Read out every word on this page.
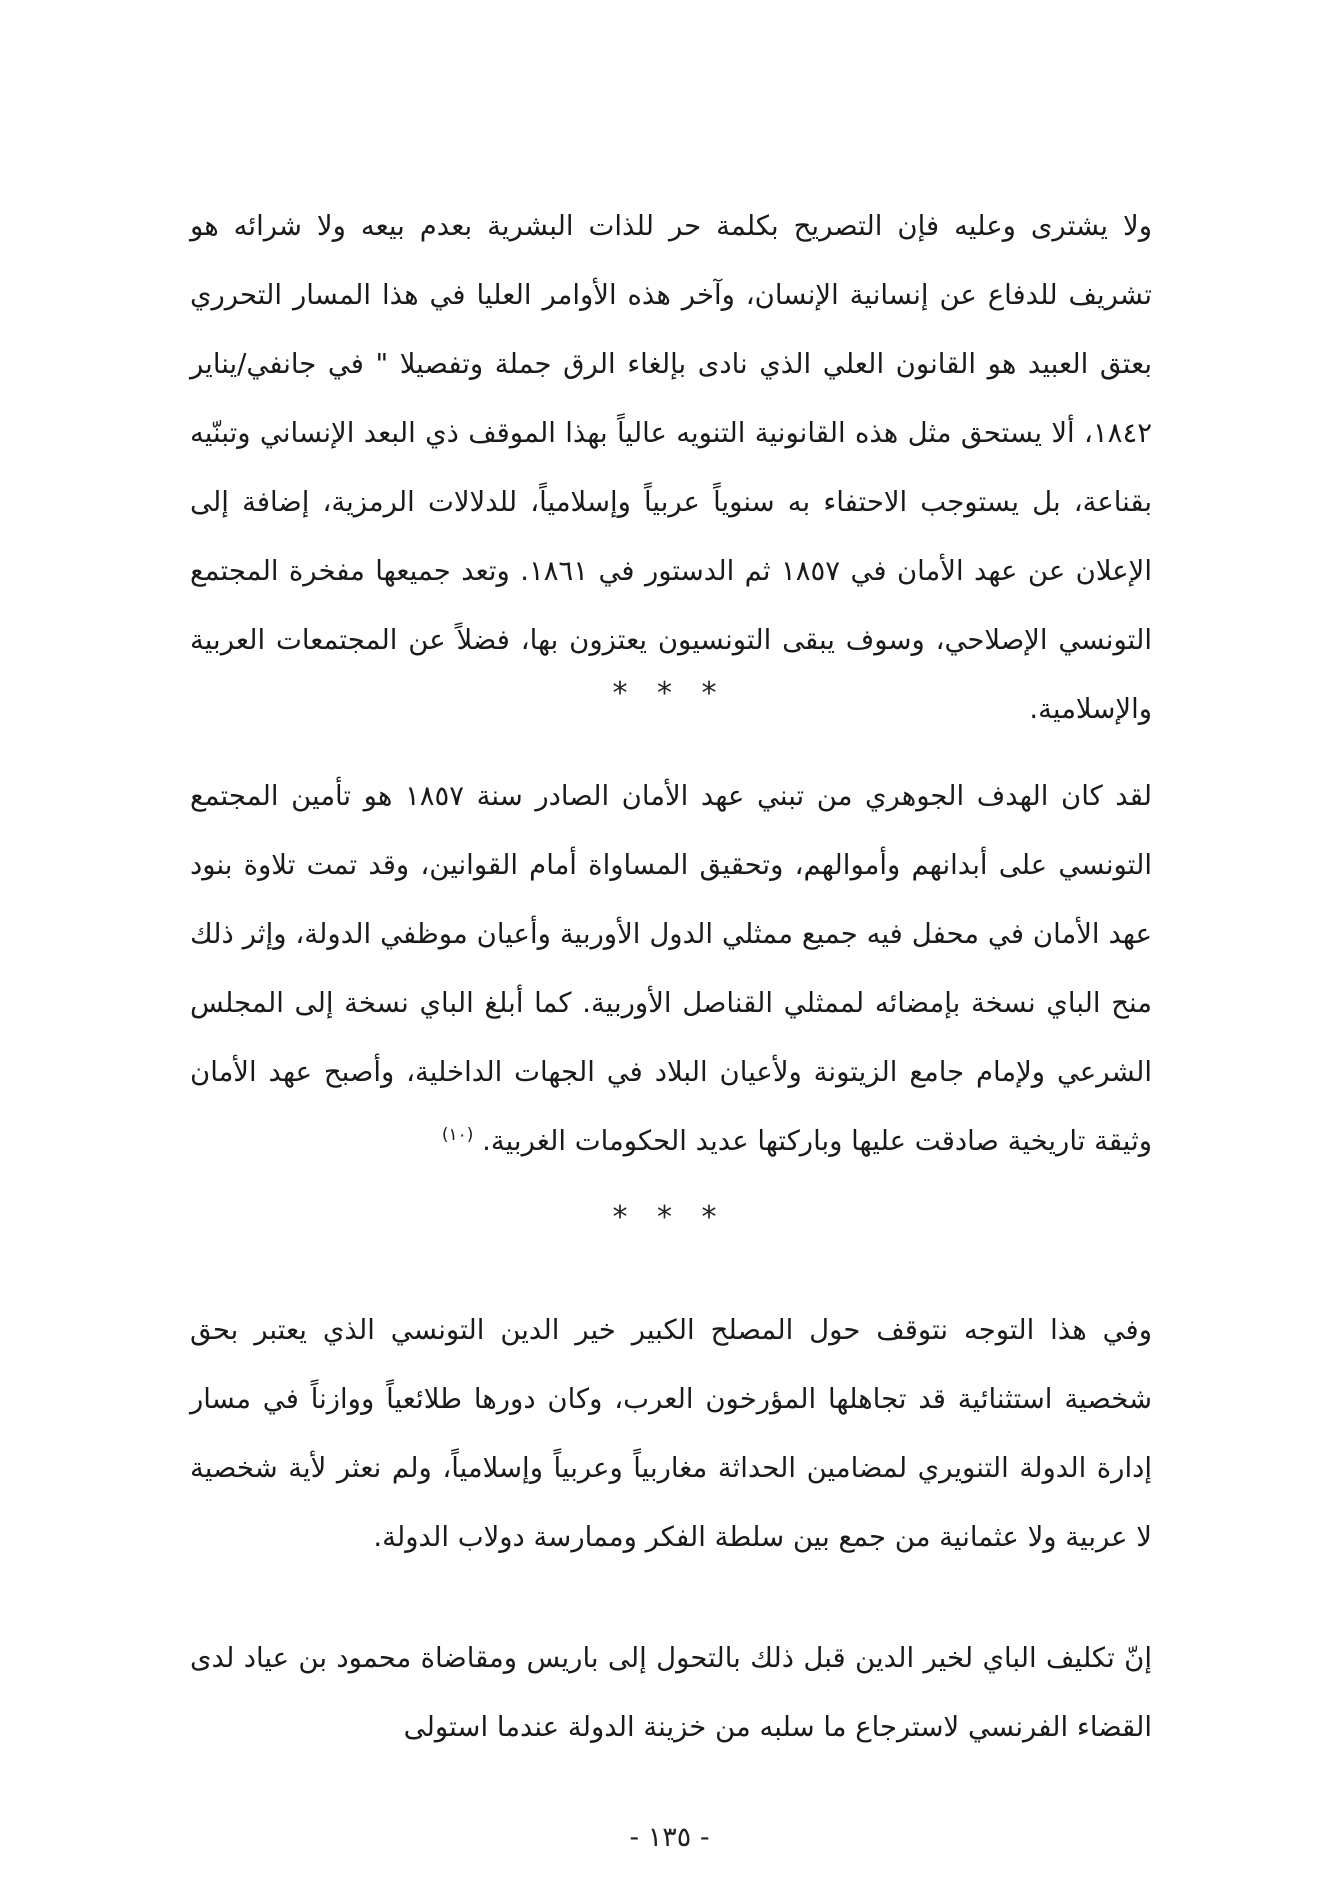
ولا يشترى وعليه فإن التصريح بكلمة حر للذات البشرية بعدم بيعه ولا شرائه هو تشريف للدفاع عن إنسانية الإنسان، وآخر هذه الأوامر العليا في هذا المسار التحرري بعتق العبيد هو القانون العلي الذي نادى بإلغاء الرق جملة وتفصيلا " في جانفي/يناير ١٨٤٢، ألا يستحق مثل هذه القانونية التنويه عالياً بهذا الموقف ذي البعد الإنساني وتبنّيه بقناعة، بل يستوجب الاحتفاء به سنوياً عربياً وإسلامياً، للدلالات الرمزية، إضافة إلى الإعلان عن عهد الأمان في ١٨٥٧ ثم الدستور في ١٨٦١. وتعد جميعها مفخرة المجتمع التونسي الإصلاحي، وسوف يبقى التونسيون يعتزون بها، فضلاً عن المجتمعات العربية والإسلامية.

* * *

لقد كان الهدف الجوهري من تبني عهد الأمان الصادر سنة ١٨٥٧ هو تأمين المجتمع التونسي على أبدانهم وأموالهم، وتحقيق المساواة أمام القوانين، وقد تمت تلاوة بنود عهد الأمان في محفل فيه جميع ممثلي الدول الأوربية وأعيان موظفي الدولة، وإثر ذلك منح الباي نسخة بإمضائه لممثلي القناصل الأوربية. كما أبلغ الباي نسخة إلى المجلس الشرعي ولإمام جامع الزيتونة ولأعيان البلاد في الجهات الداخلية، وأصبح عهد الأمان وثيقة تاريخية صادقت عليها وباركتها عديد الحكومات الغربية. $^{(١٠)}$

* * *

وفي هذا التوجه نتوقف حول المصلح الكبير خير الدين التونسي الذي يعتبر بحق شخصية استثنائية قد تجاهلها المؤرخون العرب، وكان دورها طلائعياً ووازناً في مسار إدارة الدولة التنويري لمضامين الحداثة مغاربياً وعربياً وإسلامياً، ولم نعثر لأية شخصية لا عربية ولا عثمانية من جمع بين سلطة الفكر وممارسة دولاب الدولة.

إنّ تكليف الباي لخير الدين قبل ذلك بالتحول إلى باريس ومقاضاة محمود بن عياد لدى القضاء الفرنسي لاسترجاع ما سلبه من خزينة الدولة عندما استولى

- ١٣٥ -
